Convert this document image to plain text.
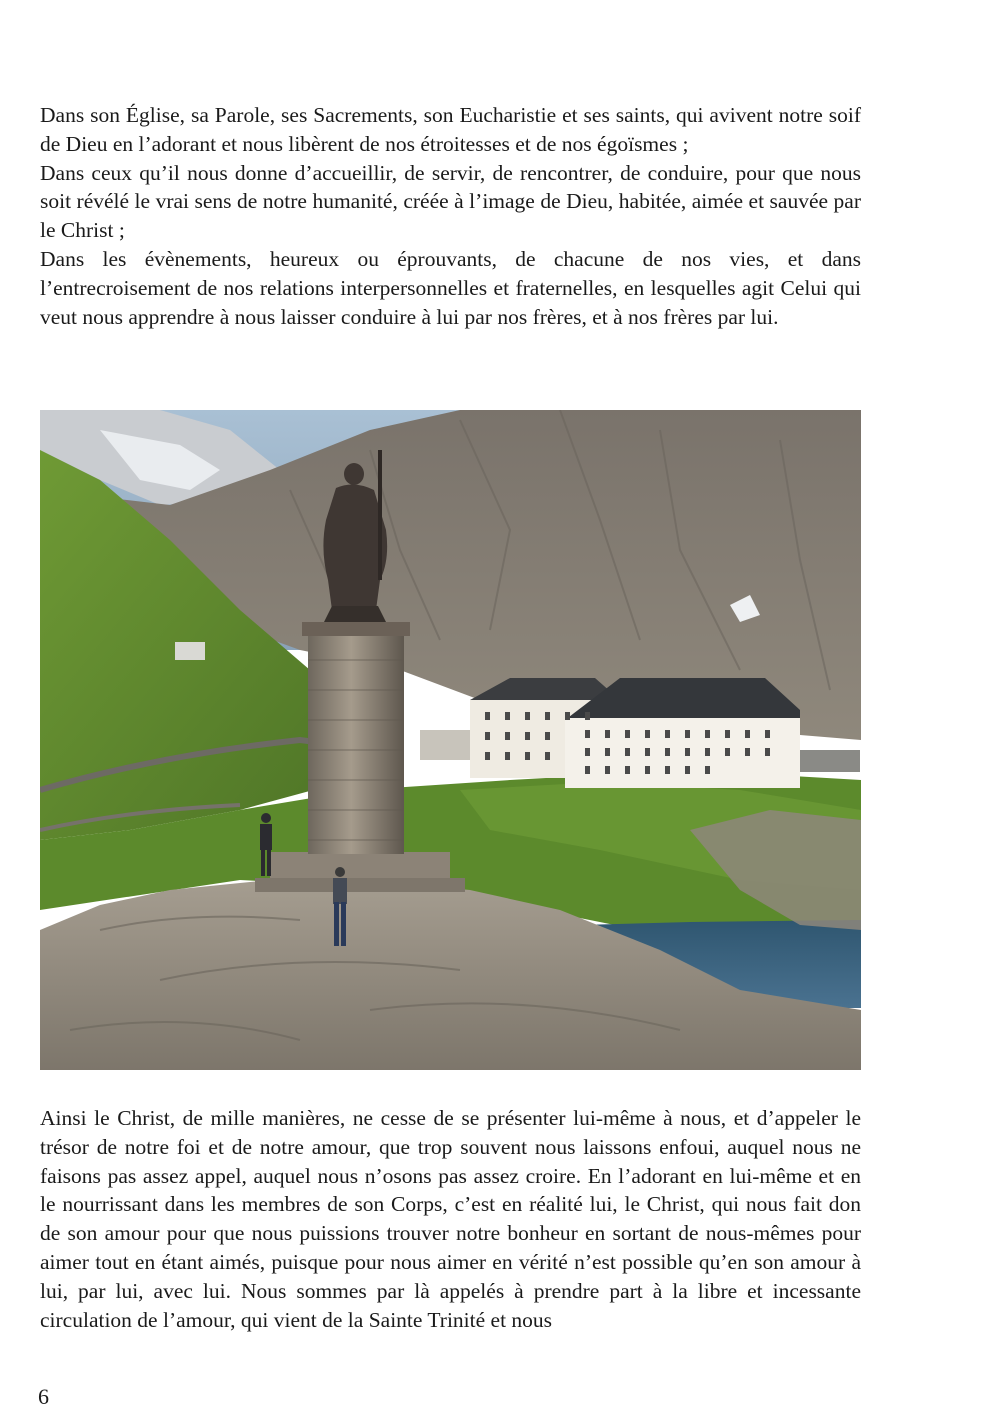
Dans son Église, sa Parole, ses Sacrements, son Eucharistie et ses saints, qui avivent notre soif de Dieu en l’adorant et nous libèrent de nos étroitesses et de nos égoïsmes ;

Dans ceux qu’il nous donne d’accueillir, de servir, de rencontrer, de conduire, pour que nous soit révélé le vrai sens de notre humanité, créée à l’image de Dieu, habitée, aimée et sauvée par le Christ ;

Dans les évènements, heureux ou éprouvants, de chacune de nos vies, et dans l’entrecroisement de nos relations interpersonnelles et fraternelles, en lesquelles agit Celui qui veut nous apprendre à nous laisser conduire à lui par nos frères, et à nos frères par lui.

Ainsi le Christ, de mille manières, ne cesse de se présenter lui-même à nous, et d’appeler le trésor de notre foi et de notre amour, que trop souvent nous laissons enfoui, auquel nous ne faisons pas assez appel, auquel nous n’osons pas assez croire. En l’adorant en lui-même et en le nourrissant dans les membres de son Corps, c’est en réalité lui, le Christ, qui nous fait don de son amour pour que nous puissions trouver notre bonheur en sortant de nous-mêmes pour aimer tout en étant aimés, puisque pour nous aimer en vérité n’est possible qu’en son amour à lui, par lui, avec lui. Nous sommes par là appelés à prendre part à la libre et incessante circulation de l’amour, qui vient de la Sainte Trinité et nous

6
